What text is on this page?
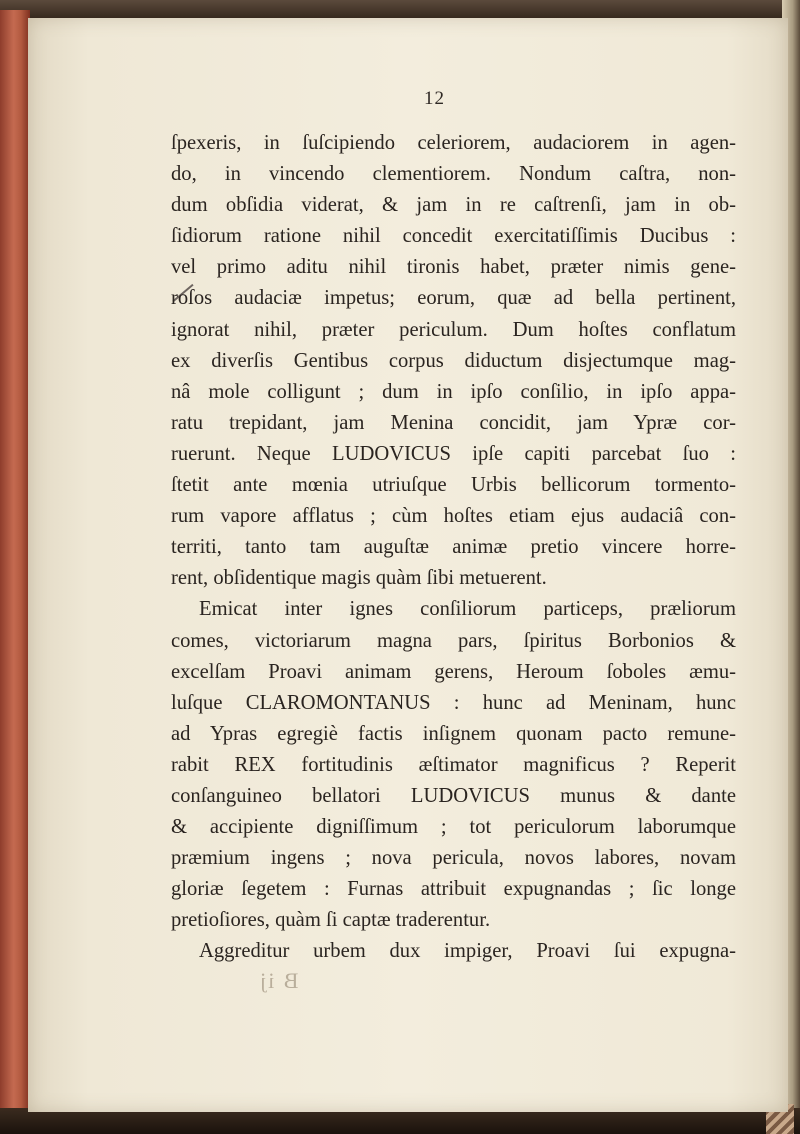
12
ſpexeris, in ſuſcipiendo celeriorem, audaciorem in agen-
do, in vincendo clementiorem. Nondum caſtra, non-
dum obſidia viderat, & jam in re caſtrenſi, jam in ob-
ſidiorum ratione nihil concedit exercitatiſſimis Ducibus :
vel primo aditu nihil tironis habet, præter nimis gene-
roſos audaciæ impetus; eorum, quæ ad bella pertinent,
ignorat nihil, præter periculum. Dum hoſtes conflatum
ex diverſis Gentibus corpus diductum disjectumque mag-
nâ mole colligunt ; dum in ipſo conſilio, in ipſo appa-
ratu trepidant, jam Menina concidit, jam Ypræ cor-
ruerunt. Neque LUDOVICUS ipſe capiti parcebat ſuo :
ſtetit ante mœnia utriuſque Urbis bellicorum tormento-
rum vapore afflatus ; cùm hoſtes etiam ejus audaciâ con-
territi, tanto tam auguſtæ animæ pretio vincere horre-
rent, obſidentique magis quàm ſibi metuerent.
Emicat inter ignes conſiliorum particeps, præliorum
comes, victoriarum magna pars, ſpiritus Borbonios &
excelſam Proavi animam gerens, Heroum ſoboles æmu-
luſque CLAROMONTANUS : hunc ad Meninam, hunc
ad Ypras egregiè factis inſignem quonam pacto remune-
rabit REX fortitudinis æſtimator magnificus ? Reperit
conſanguineo bellatori LUDOVICUS munus & dante
& accipiente digniſſimum ; tot periculorum laborumque
præmium ingens ; nova pericula, novos labores, novam
gloriæ ſegetem : Furnas attribuit expugnandas ; ſic longe
pretioſiores, quàm ſi captæ traderentur.
Aggreditur urbem dux impiger, Proavi ſui expugna-
B ij
